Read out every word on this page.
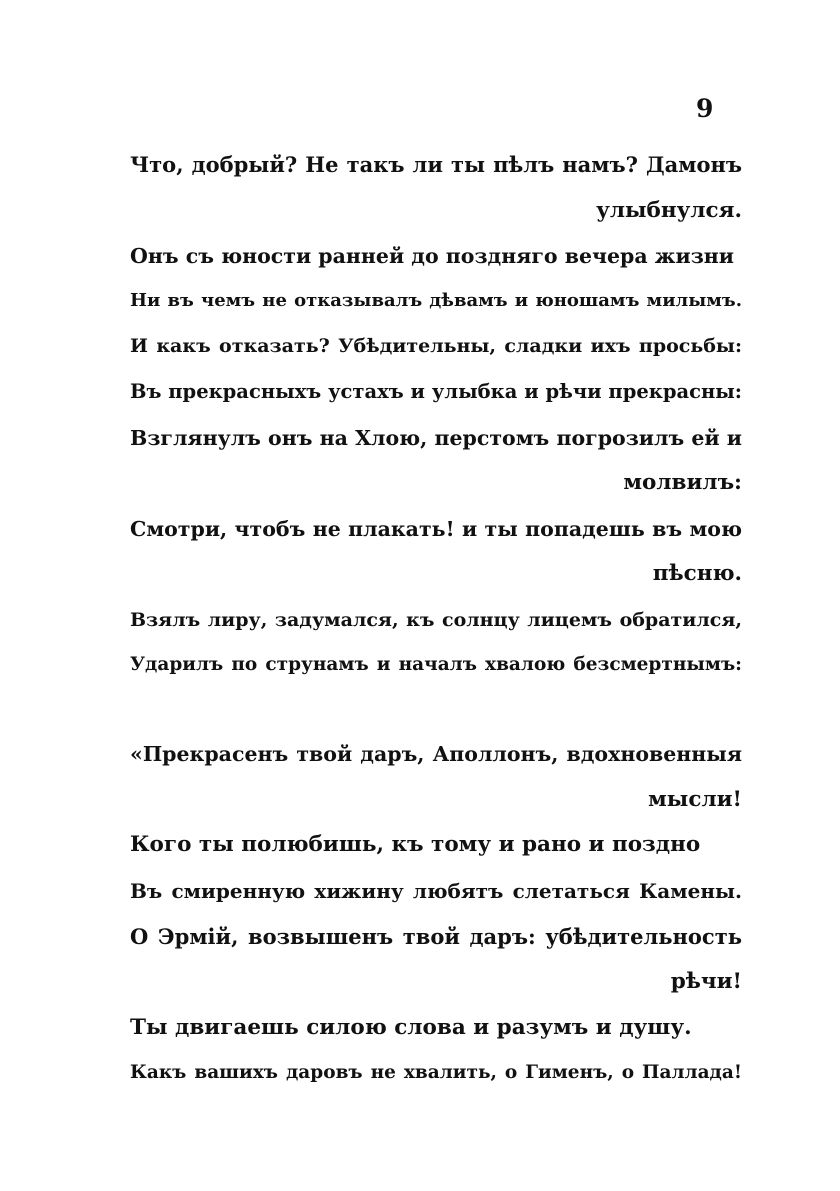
9
Что, добрый? Не такъ ли ты пѣлъ намъ? Дамонъ
улыбнулся.
Онъ съ юности ранней до поздняго вечера жизни
Ни въ чемъ не отказывалъ дѣвамъ и юношамъ милымъ.
И какъ отказать? Убѣдительны, сладки ихъ просьбы:
Въ прекрасныхъ устахъ и улыбка и рѣчи прекрасны:
Взглянулъ онъ на Хлою, перстомъ погрозилъ ей и
молвилъ:
Смотри, чтобъ не плакать! и ты попадешь въ мою
пѣсню.
Взялъ лиру, задумался, къ солнцу лицемъ обратился,
Ударилъ по струнамъ и началъ хвалою безсмертнымъ:
«Прекрасенъ твой даръ, Аполлонъ, вдохновенныя
мысли!
Кого ты полюбишь, къ тому и рано и поздно
Въ смиренную хижину любятъ слетаться Камены.
О Эрмій, возвышенъ твой даръ: убѣдительность
рѣчи!
Ты двигаешь силою слова и разумъ и душу.
Какъ вашихъ даровъ не хвалить, о Гименъ, о Паллада!
